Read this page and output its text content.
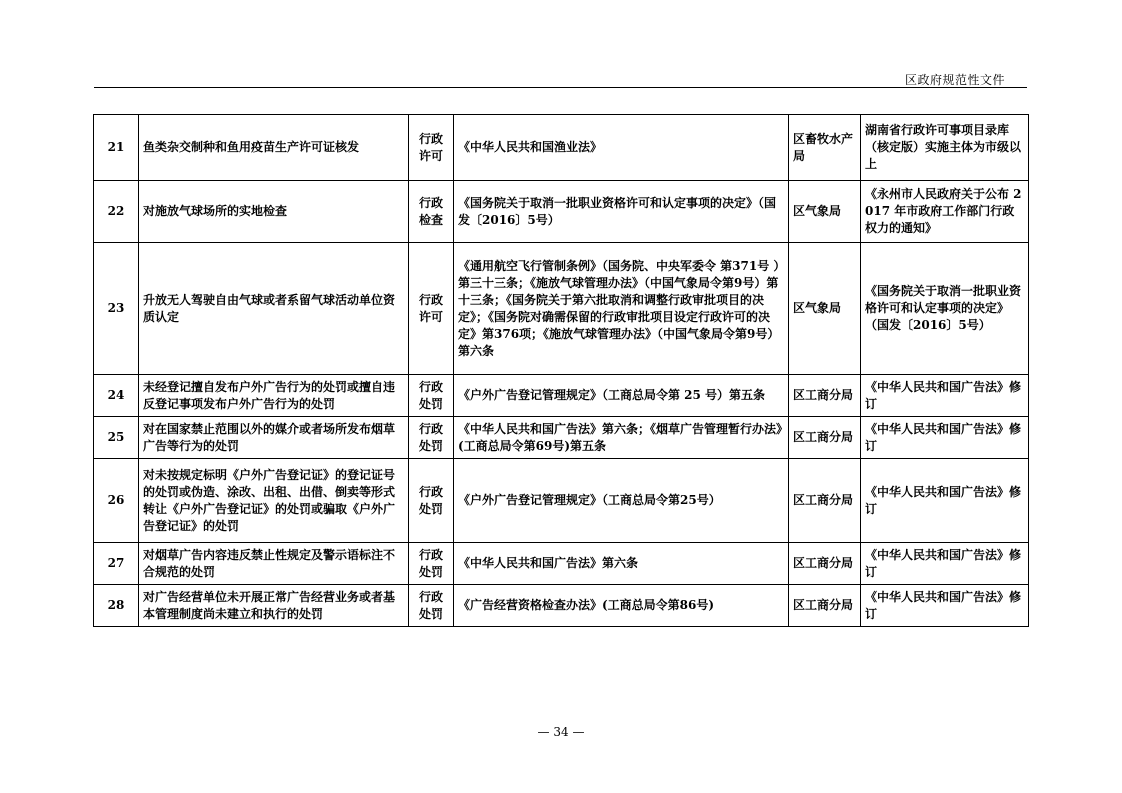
区政府规范性文件
21	鱼类杂交制种和鱼用疫苗生产许可证核发	行政许可	《中华人民共和国渔业法》	区畜牧水产局	湖南省行政许可事项目录库（核定版）实施主体为市级以上
22	对施放气球场所的实地检查	行政检查	《国务院关于取消一批职业资格许可和认定事项的决定》（国发〔2016〕5号）	区气象局	《永州市人民政府关于公布 2017 年市政府工作部门行政权力的通知》
23	升放无人驾驶自由气球或者系留气球活动单位资质认定	行政许可	《通用航空飞行管制条例》（国务院、中央军委令 第371号 ）第三十三条；《施放气球管理办法》（中国气象局令第9号）第十三条；《国务院关于第六批取消和调整行政审批项目的决定》；《国务院对确需保留的行政审批项目设定行政许可的决定》第376项；《施放气球管理办法》（中国气象局令第9号）第六条	区气象局	《国务院关于取消一批职业资格许可和认定事项的决定》（国发〔2016〕5号）
24	未经登记擅自发布户外广告行为的处罚或擅自违反登记事项发布户外广告行为的处罚	行政处罚	《户外广告登记管理规定》（工商总局令第 25 号）第五条	区工商分局	《中华人民共和国广告法》修订
25	对在国家禁止范围以外的媒介或者场所发布烟草广告等行为的处罚	行政处罚	《中华人民共和国广告法》第六条；《烟草广告管理暂行办法》(工商总局令第69号)第五条	区工商分局	《中华人民共和国广告法》修订
26	对未按规定标明《户外广告登记证》的登记证号的处罚或伪造、涂改、出租、出借、倒卖等形式转让《户外广告登记证》的处罚或骗取《户外广告登记证》的处罚	行政处罚	《户外广告登记管理规定》（工商总局令第25号）	区工商分局	《中华人民共和国广告法》修订
27	对烟草广告内容违反禁止性规定及警示语标注不合规范的处罚	行政处罚	《中华人民共和国广告法》第六条	区工商分局	《中华人民共和国广告法》修订
28	对广告经营单位未开展正常广告经营业务或者基本管理制度尚未建立和执行的处罚	行政处罚	《广告经营资格检查办法》(工商总局令第86号)	区工商分局	《中华人民共和国广告法》修订
— 34 —
